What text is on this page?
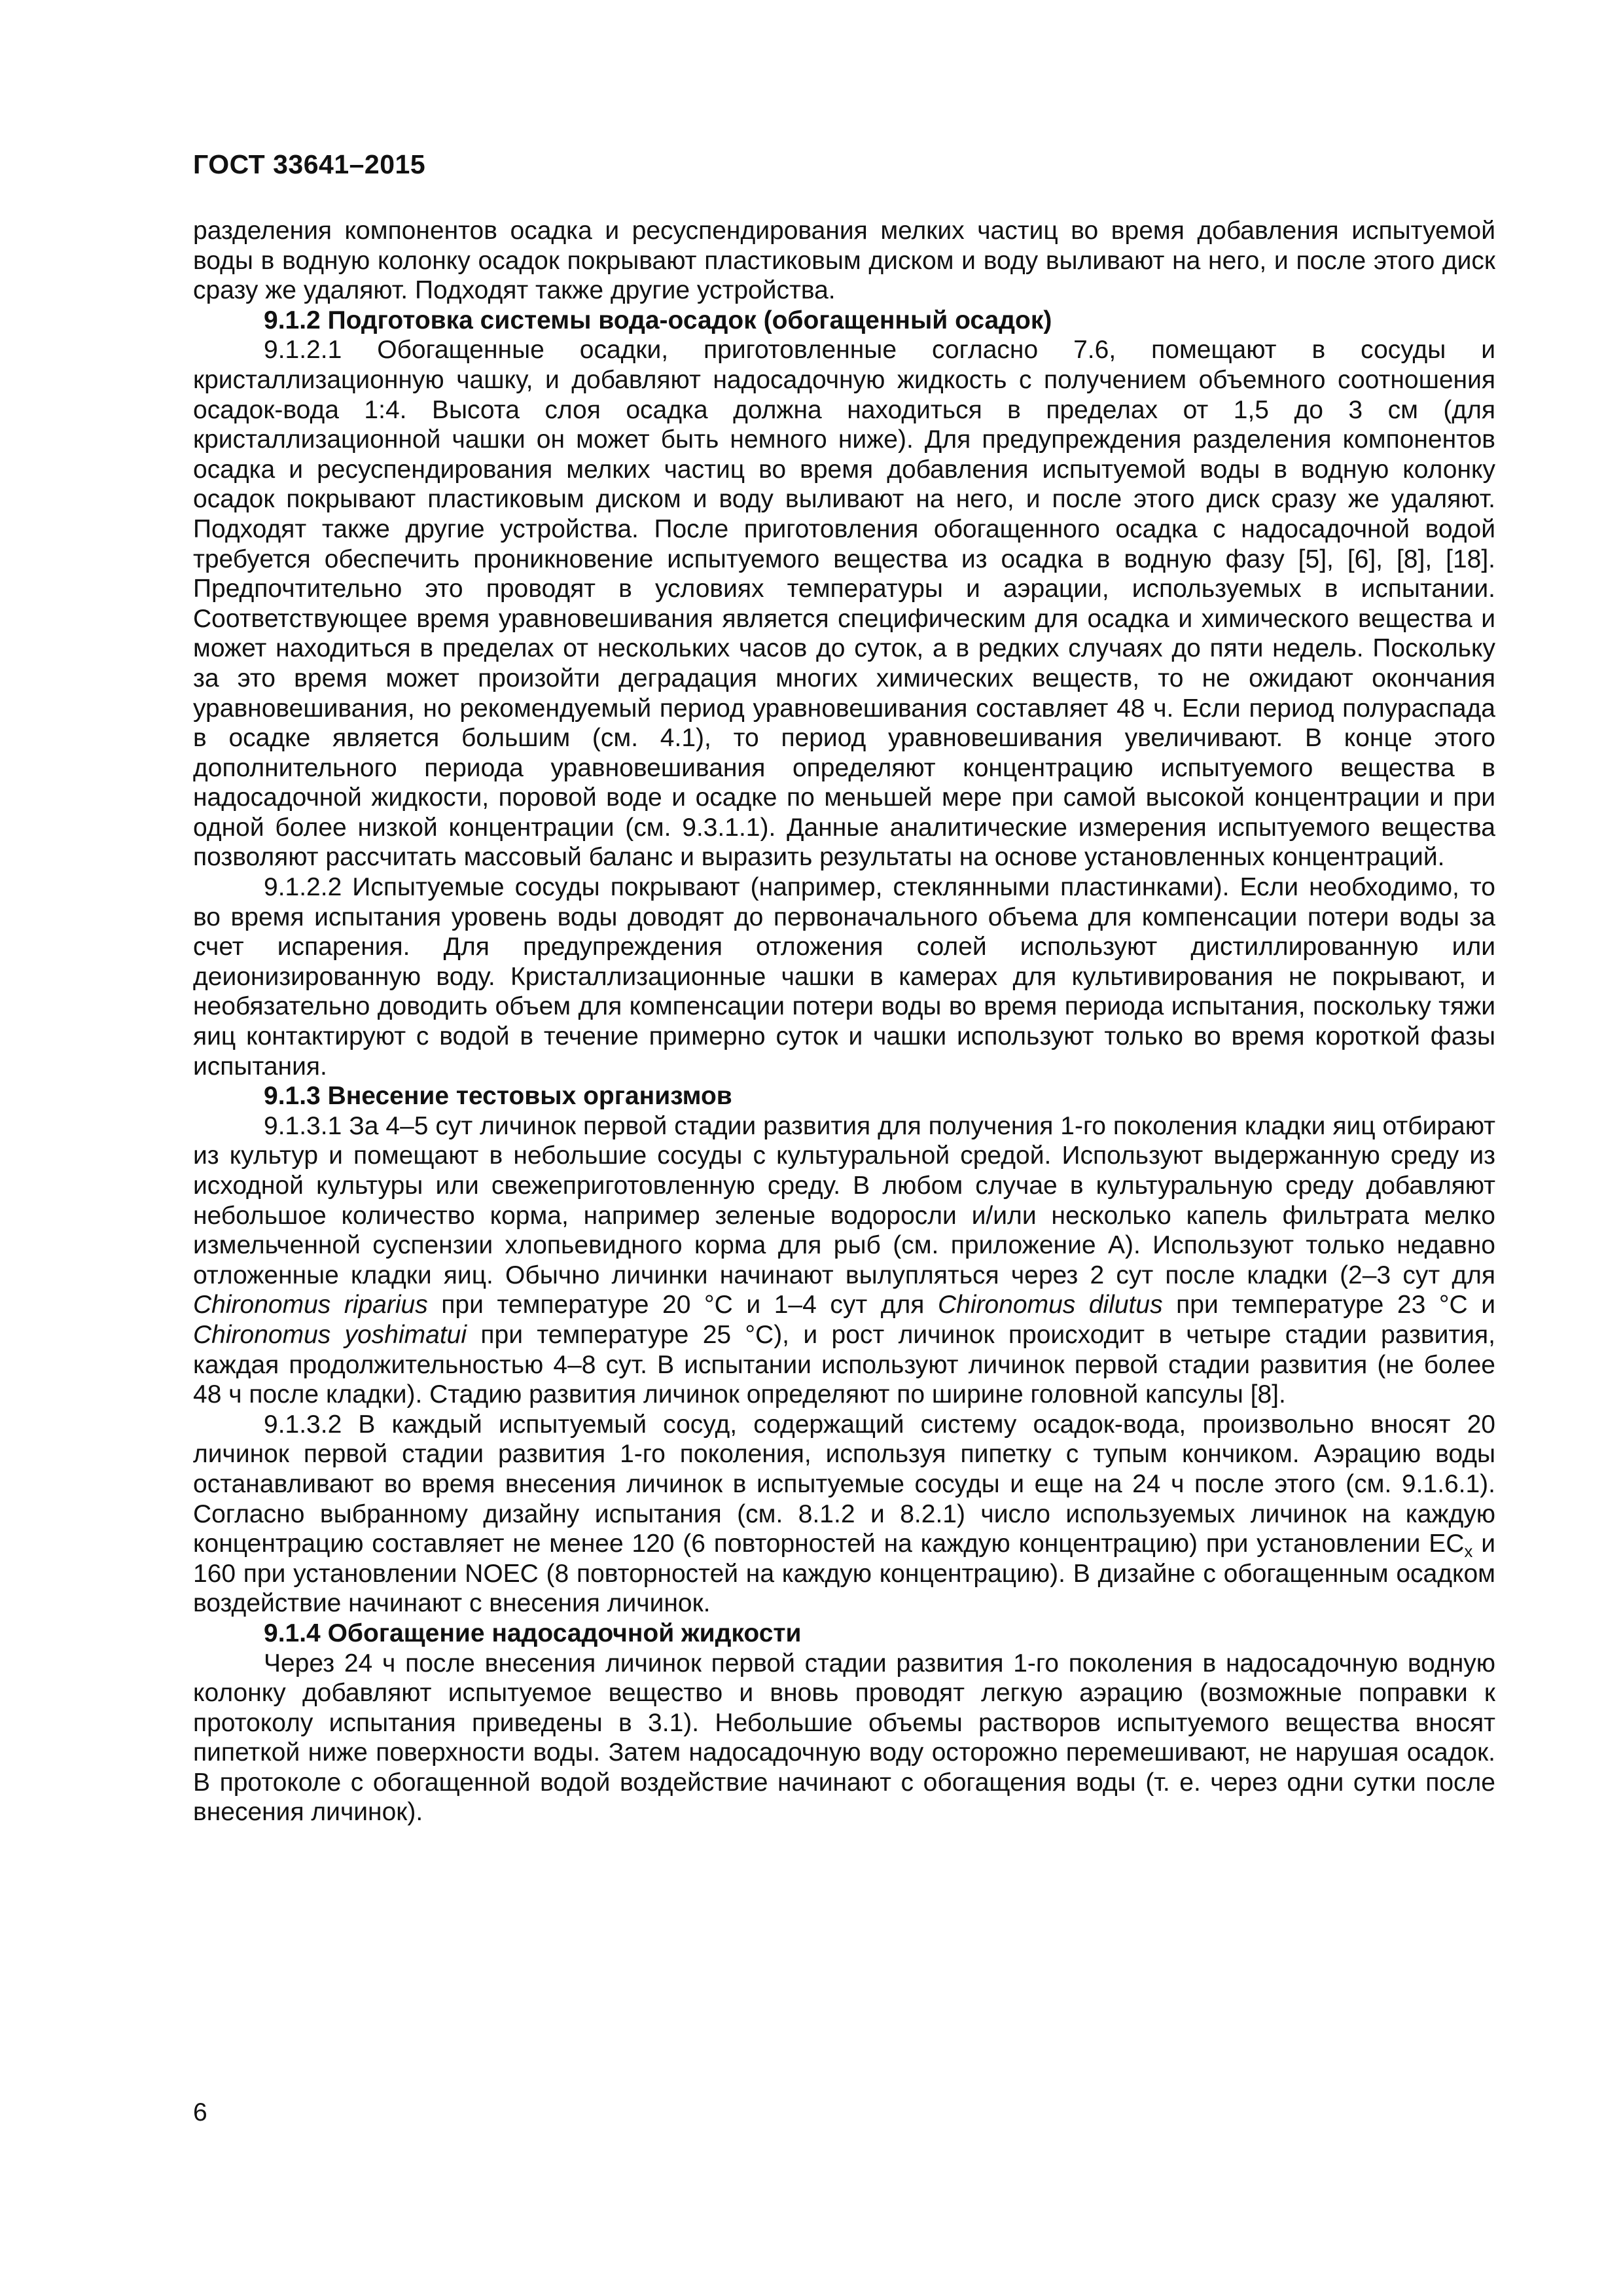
ГОСТ 33641–2015

разделения компонентов осадка и ресуспендирования мелких частиц во время добавления испытуемой воды в водную колонку осадок покрывают пластиковым диском и воду выливают на него, и после этого диск сразу же удаляют. Подходят также другие устройства.

9.1.2 Подготовка системы вода-осадок (обогащенный осадок)

9.1.2.1 Обогащенные осадки, приготовленные согласно 7.6, помещают в сосуды и кристаллизационную чашку, и добавляют надосадочную жидкость с получением объемного соотношения осадок-вода 1:4. Высота слоя осадка должна находиться в пределах от 1,5 до 3 см (для кристаллизационной чашки он может быть немного ниже). Для предупреждения разделения компонентов осадка и ресуспендирования мелких частиц во время добавления испытуемой воды в водную колонку осадок покрывают пластиковым диском и воду выливают на него, и после этого диск сразу же удаляют. Подходят также другие устройства. После приготовления обогащенного осадка с надосадочной водой требуется обеспечить проникновение испытуемого вещества из осадка в водную фазу [5], [6], [8], [18]. Предпочтительно это проводят в условиях температуры и аэрации, используемых в испытании. Соответствующее время уравновешивания является специфическим для осадка и химического вещества и может находиться в пределах от нескольких часов до суток, а в редких случаях до пяти недель. Поскольку за это время может произойти деградация многих химических веществ, то не ожидают окончания уравновешивания, но рекомендуемый период уравновешивания составляет 48 ч. Если период полураспада в осадке является большим (см. 4.1), то период уравновешивания увеличивают. В конце этого дополнительного периода уравновешивания определяют концентрацию испытуемого вещества в надосадочной жидкости, поровой воде и осадке по меньшей мере при самой высокой концентрации и при одной более низкой концентрации (см. 9.3.1.1). Данные аналитические измерения испытуемого вещества позволяют рассчитать массовый баланс и выразить результаты на основе установленных концентраций.

9.1.2.2 Испытуемые сосуды покрывают (например, стеклянными пластинками). Если необходимо, то во время испытания уровень воды доводят до первоначального объема для компенсации потери воды за счет испарения. Для предупреждения отложения солей используют дистиллированную или деионизированную воду. Кристаллизационные чашки в камерах для культивирования не покрывают, и необязательно доводить объем для компенсации потери воды во время периода испытания, поскольку тяжи яиц контактируют с водой в течение примерно суток и чашки используют только во время короткой фазы испытания.

9.1.3 Внесение тестовых организмов

9.1.3.1 За 4–5 сут личинок первой стадии развития для получения 1-го поколения кладки яиц отбирают из культур и помещают в небольшие сосуды с культуральной средой. Используют выдержанную среду из исходной культуры или свежеприготовленную среду. В любом случае в культуральную среду добавляют небольшое количество корма, например зеленые водоросли и/или несколько капель фильтрата мелко измельченной суспензии хлопьевидного корма для рыб (см. приложение А). Используют только недавно отложенные кладки яиц. Обычно личинки начинают вылупляться через 2 сут после кладки (2–3 сут для Chironomus riparius при температуре 20 °C и 1–4 сут для Chironomus dilutus при температуре 23 °C и Chironomus yoshimatui при температуре 25 °C), и рост личинок происходит в четыре стадии развития, каждая продолжительностью 4–8 сут. В испытании используют личинок первой стадии развития (не более 48 ч после кладки). Стадию развития личинок определяют по ширине головной капсулы [8].

9.1.3.2 В каждый испытуемый сосуд, содержащий систему осадок-вода, произвольно вносят 20 личинок первой стадии развития 1-го поколения, используя пипетку с тупым кончиком. Аэрацию воды останавливают во время внесения личинок в испытуемые сосуды и еще на 24 ч после этого (см. 9.1.6.1). Согласно выбранному дизайну испытания (см. 8.1.2 и 8.2.1) число используемых личинок на каждую концентрацию составляет не менее 120 (6 повторностей на каждую концентрацию) при установлении $EC_x$ и 160 при установлении NOEC (8 повторностей на каждую концентрацию). В дизайне с обогащенным осадком воздействие начинают с внесения личинок.

9.1.4 Обогащение надосадочной жидкости

Через 24 ч после внесения личинок первой стадии развития 1-го поколения в надосадочную водную колонку добавляют испытуемое вещество и вновь проводят легкую аэрацию (возможные поправки к протоколу испытания приведены в 3.1). Небольшие объемы растворов испытуемого вещества вносят пипеткой ниже поверхности воды. Затем надосадочную воду осторожно перемешивают, не нарушая осадок. В протоколе с обогащенной водой воздействие начинают с обогащения воды (т. е. через одни сутки после внесения личинок).

6
